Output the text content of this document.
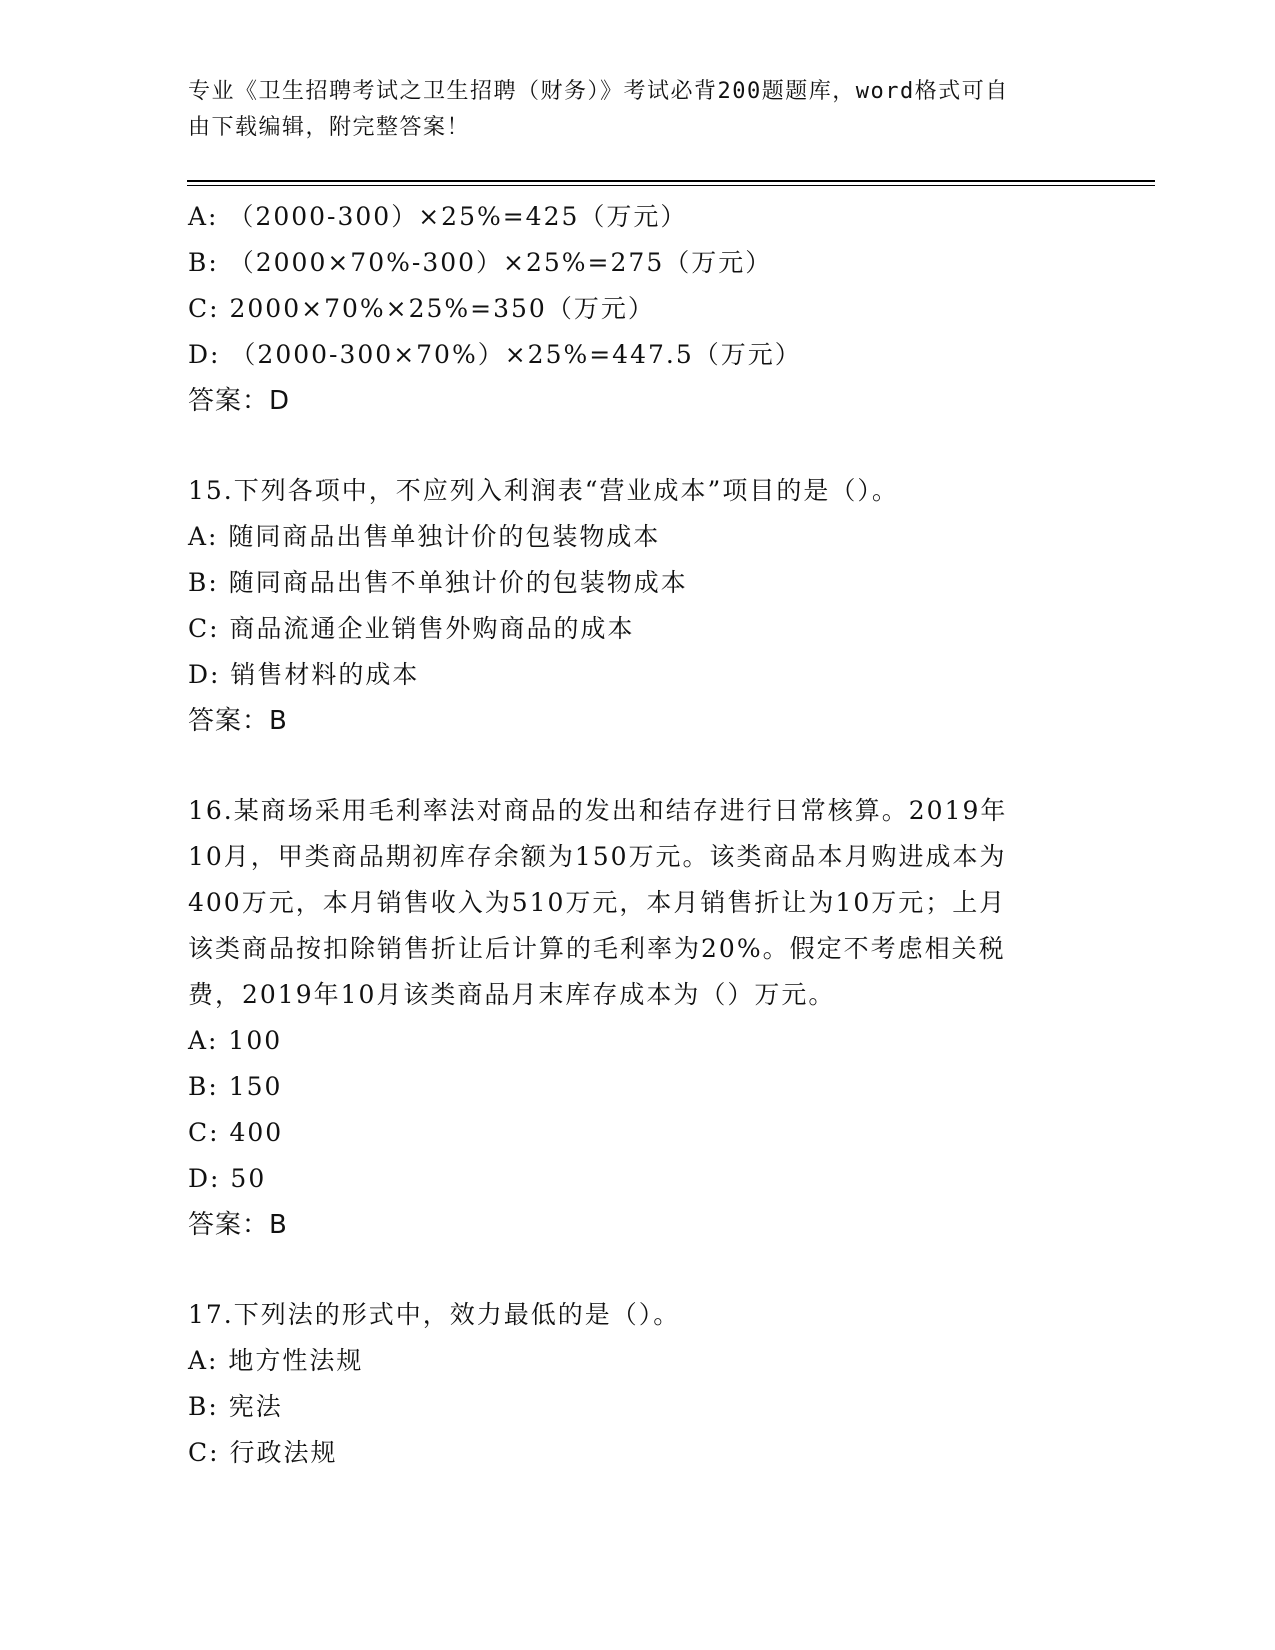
专业《卫生招聘考试之卫生招聘（财务）》考试必背200题题库，word格式可自
由下载编辑，附完整答案！
A: （2000-300）×25%=425（万元）
B: （2000×70%-300）×25%=275（万元）
C: 2000×70%×25%=350（万元）
D: （2000-300×70%）×25%=447.5（万元）
答案：D
15.下列各项中，不应列入利润表“营业成本”项目的是（）。
A: 随同商品出售单独计价的包装物成本
B: 随同商品出售不单独计价的包装物成本
C: 商品流通企业销售外购商品的成本
D: 销售材料的成本
答案：B
16.某商场采用毛利率法对商品的发出和结存进行日常核算。2019年
10月，甲类商品期初库存余额为150万元。该类商品本月购进成本为
400万元，本月销售收入为510万元，本月销售折让为10万元；上月
该类商品按扣除销售折让后计算的毛利率为20%。假定不考虑相关税
费，2019年10月该类商品月末库存成本为（）万元。
A: 100
B: 150
C: 400
D: 50
答案：B
17.下列法的形式中，效力最低的是（）。
A: 地方性法规
B: 宪法
C: 行政法规
